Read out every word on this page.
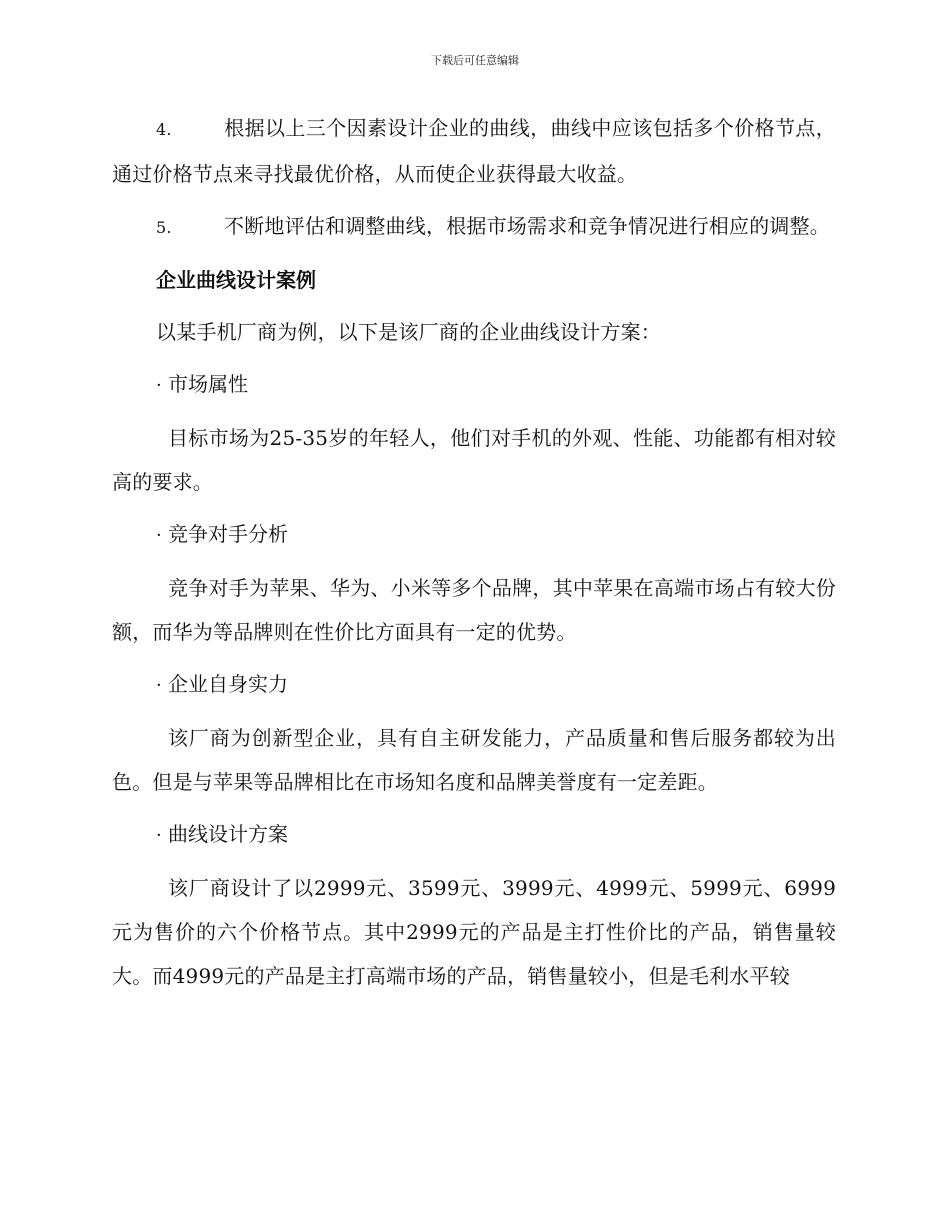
下载后可任意编辑

4.	根据以上三个因素设计企业的曲线，曲线中应该包括多个价格节点，通过价格节点来寻找最优价格，从而使企业获得最大收益。

5.	不断地评估和调整曲线，根据市场需求和竞争情况进行相应的调整。

企业曲线设计案例

以某手机厂商为例，以下是该厂商的企业曲线设计方案：

· 市场属性

目标市场为25-35岁的年轻人，他们对手机的外观、性能、功能都有相对较高的要求。

· 竞争对手分析

竞争对手为苹果、华为、小米等多个品牌，其中苹果在高端市场占有较大份额，而华为等品牌则在性价比方面具有一定的优势。

· 企业自身实力

该厂商为创新型企业，具有自主研发能力，产品质量和售后服务都较为出色。但是与苹果等品牌相比在市场知名度和品牌美誉度有一定差距。

· 曲线设计方案

该厂商设计了以2999元、3599元、3999元、4999元、5999元、6999元为售价的六个价格节点。其中2999元的产品是主打性价比的产品，销售量较大。而4999元的产品是主打高端市场的产品，销售量较小，但是毛利水平较
